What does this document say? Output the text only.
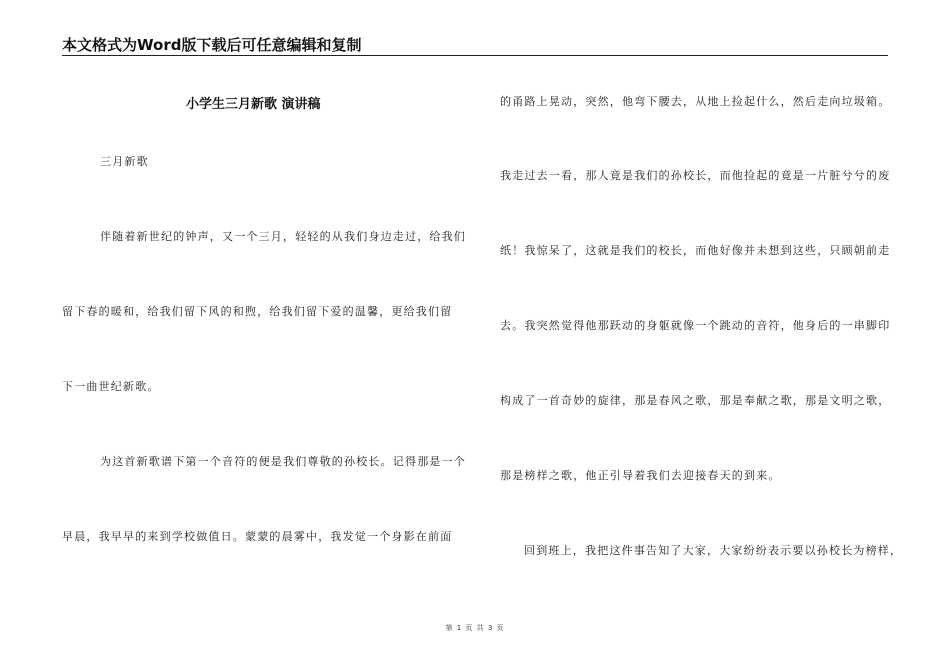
本文格式为Word版下载后可任意编辑和复制
小学生三月新歌 演讲稿
三月新歌
伴随着新世纪的钟声，又一个三月，轻轻的从我们身边走过，给我们
留下春的暖和，给我们留下风的和煦，给我们留下爱的温馨，更给我们留
下一曲世纪新歌。
为这首新歌谱下第一个音符的便是我们尊敬的孙校长。记得那是一个
早晨，我早早的来到学校做值日。蒙蒙的晨雾中，我发觉一个身影在前面
的甬路上晃动，突然，他弯下腰去，从地上捡起什么，然后走向垃圾箱。
我走过去一看，那人竟是我们的孙校长，而他捡起的竟是一片脏兮兮的废
纸！我惊呆了，这就是我们的校长，而他好像并未想到这些，只顾朝前走
去。我突然觉得他那跃动的身躯就像一个跳动的音符，他身后的一串脚印
构成了一首奇妙的旋律，那是春风之歌，那是奉献之歌，那是文明之歌，
那是榜样之歌，他正引导着我们去迎接春天的到来。
回到班上，我把这件事告知了大家，大家纷纷表示要以孙校长为榜样，
第 1 页 共 3 页
